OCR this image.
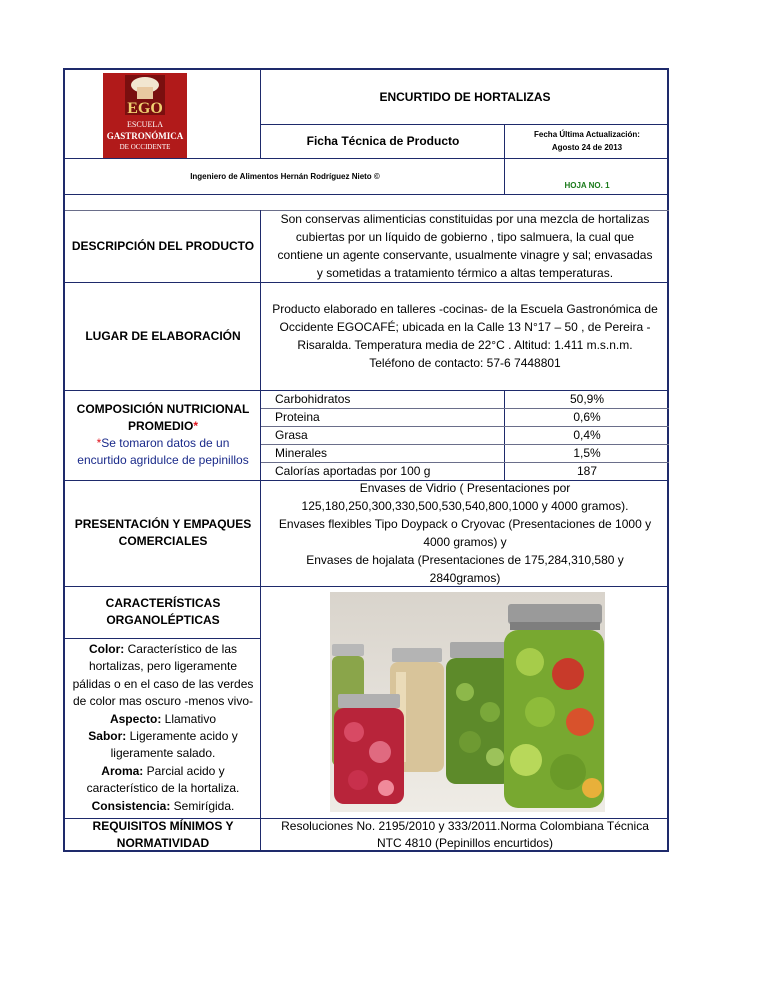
EGO
ESCUELA
GASTRONÓMICA
DE OCCIDENTE
ENCURTIDO DE HORTALIZAS
Ficha Técnica de Producto	Fecha Última Actualización:
Agosto 24 de 2013
Ingeniero de Alimentos Hernán Rodríguez Nieto ©
HOJA NO. 1
DESCRIPCIÓN DEL PRODUCTO
Son conservas alimenticias constituidas por una mezcla de hortalizas
cubiertas por un líquido de gobierno , tipo salmuera, la cual que
contiene un agente conservante, usualmente vinagre y sal; envasadas
y sometidas a tratamiento térmico a altas temperaturas.
LUGAR DE ELABORACIÓN
Producto elaborado en talleres -cocinas- de la Escuela Gastronómica de
Occidente EGOCAFÉ; ubicada en la Calle 13 N°17 – 50 , de Pereira -
Risaralda. Temperatura media de 22°C . Altitud: 1.411 m.s.n.m.
Teléfono de contacto: 57-6 7448801
COMPOSICIÓN NUTRICIONAL
PROMEDIO*
*Se tomaron datos de un
encurtido agridulce de pepinillos
Carbohidratos	50,9%
Proteina	0,6%
Grasa	0,4%
Minerales	1,5%
Calorías aportadas por 100 g	187
PRESENTACIÓN Y EMPAQUES
COMERCIALES
Envases de Vidrio ( Presentaciones por
125,180,250,300,330,500,530,540,800,1000 y 4000 gramos).
Envases flexibles Tipo Doypack o Cryovac (Presentaciones de 1000 y
4000 gramos) y
Envases de hojalata (Presentaciones de 175,284,310,580 y
2840gramos)
CARACTERÍSTICAS
ORGANOLÉPTICAS
Color: Característico de las
hortalizas, pero ligeramente
pálidas o en el caso de las verdes
de color mas oscuro -menos vivo-
Aspecto: Llamativo
Sabor: Ligeramente acido y
ligeramente salado.
Aroma: Parcial acido y
característico de la hortaliza.
Consistencia: Semirígida.
REQUISITOS MÍNIMOS Y
NORMATIVIDAD
Resoluciones No. 2195/2010 y 333/2011.Norma Colombiana Técnica
NTC 4810 (Pepinillos encurtidos)
